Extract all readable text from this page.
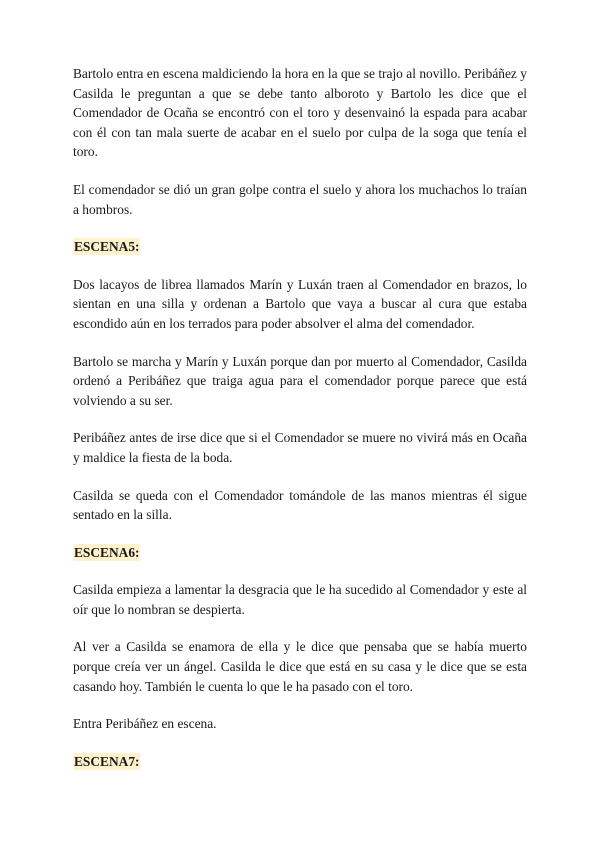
Bartolo entra en escena maldiciendo la hora en la que se trajo al novillo. Peribáñez y Casilda le preguntan a que se debe tanto alboroto y Bartolo les dice que el Comendador de Ocaña se encontró con el toro y desenvainó la espada para acabar con él con tan mala suerte de acabar en el suelo por culpa de la soga que tenía el toro.

El comendador se dió un gran golpe contra el suelo y ahora los muchachos lo traían a hombros.

ESCENA5:

Dos lacayos de librea llamados Marín y Luxán traen al Comendador en brazos, lo sientan en una silla y ordenan a Bartolo que vaya a buscar al cura que estaba escondido aún en los terrados para poder absolver el alma del comendador.

Bartolo se marcha y Marín y Luxán porque dan por muerto al Comendador, Casilda ordenó a Peribáñez que traiga agua para el comendador porque parece que está volviendo a su ser.

Peribáñez antes de irse dice que si el Comendador se muere no vivirá más en Ocaña y maldice la fiesta de la boda.

Casilda se queda con el Comendador tomándole de las manos mientras él sigue sentado en la silla.

ESCENA6:

Casilda empieza a lamentar la desgracia que le ha sucedido al Comendador y este al oír que lo nombran se despierta.

Al ver a Casilda se enamora de ella y le dice que pensaba que se había muerto porque creía ver un ángel. Casilda le dice que está en su casa y le dice que se esta casando hoy. También le cuenta lo que le ha pasado con el toro.

Entra Peribáñez en escena.

ESCENA7:
